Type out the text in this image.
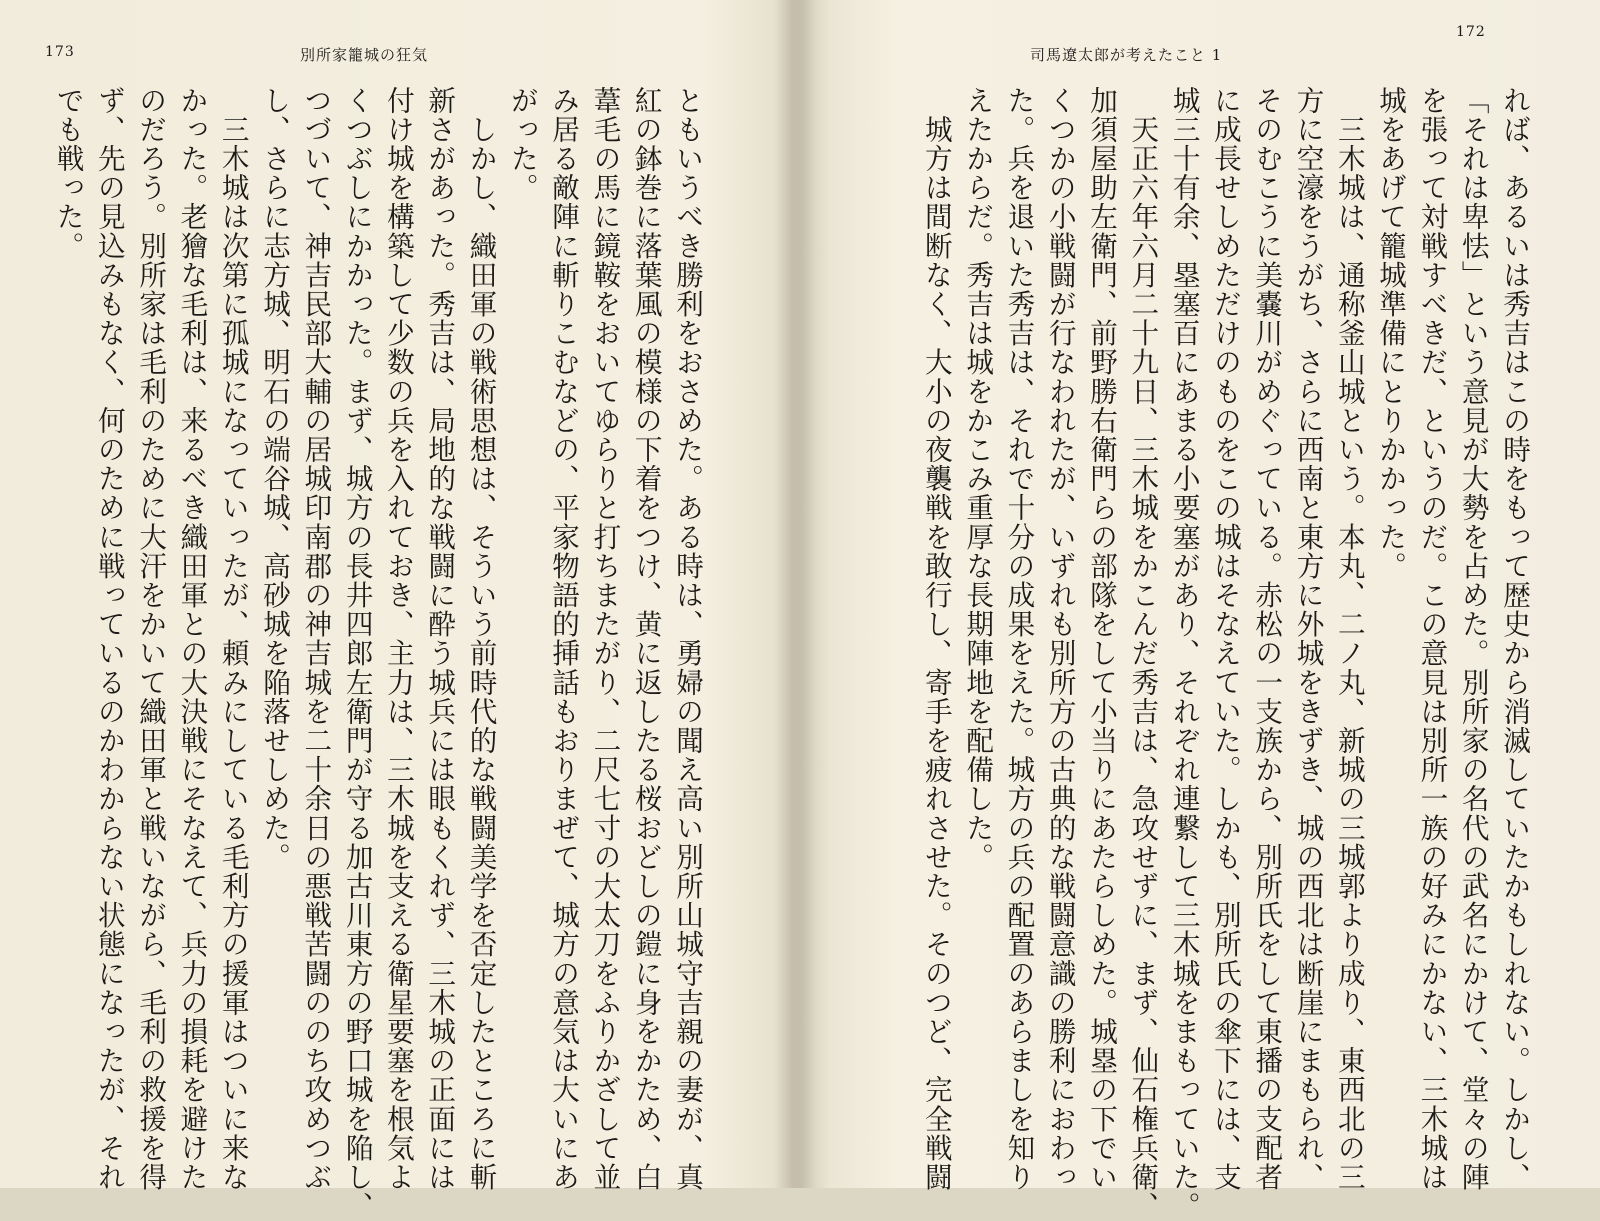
173	別所家籠城の狂気
ともいうべき勝利をおさめた。ある時は、勇婦の聞え高い別所山城守吉親の妻が、真
紅の鉢巻に落葉風の模様の下着をつけ、黄に返したる桜おどしの鎧に身をかため、白
葦毛の馬に鏡鞍をおいてゆらりと打ちまたがり、二尺七寸の大太刀をふりかざして並
み居る敵陣に斬りこむなどの、平家物語的挿話もおりまぜて、城方の意気は大いにあ
がった。
　しかし、織田軍の戦術思想は、そういう前時代的な戦闘美学を否定したところに斬
新さがあった。秀吉は、局地的な戦闘に酔う城兵には眼もくれず、三木城の正面には
付け城を構築して少数の兵を入れておき、主力は、三木城を支える衛星要塞を根気よ
くつぶしにかかった。まず、城方の長井四郎左衛門が守る加古川東方の野口城を陥し、
つづいて、神吉民部大輔の居城印南郡の神吉城を二十余日の悪戦苦闘ののち攻めつぶ
し、さらに志方城、明石の端谷城、高砂城を陥落せしめた。
　三木城は次第に孤城になっていったが、頼みにしている毛利方の援軍はついに来な
かった。老獪な毛利は、来るべき織田軍との大決戦にそなえて、兵力の損耗を避けた
のだろう。別所家は毛利のために大汗をかいて織田軍と戦いながら、毛利の救援を得
ず、先の見込みもなく、何のために戦っているのかわからない状態になったが、それ
でも戦った。
司馬遼太郎が考えたこと 1
172
れば、あるいは秀吉はこの時をもって歴史から消滅していたかもしれない。しかし、
「それは卑怯」という意見が大勢を占めた。別所家の名代の武名にかけて、堂々の陣
を張って対戦すべきだ、というのだ。この意見は別所一族の好みにかない、三木城は
城をあげて籠城準備にとりかかった。
　三木城は、通称釜山城という。本丸、二ノ丸、新城の三城郭より成り、東西北の三
方に空濠をうがち、さらに西南と東方に外城をきずき、城の西北は断崖にまもられ、
そのむこうに美嚢川がめぐっている。赤松の一支族から、別所氏をして東播の支配者
に成長せしめただけのものをこの城はそなえていた。しかも、別所氏の傘下には、支
城三十有余、塁塞百にあまる小要塞があり、それぞれ連繋して三木城をまもっていた。
　天正六年六月二十九日、三木城をかこんだ秀吉は、急攻せずに、まず、仙石権兵衛、
加須屋助左衛門、前野勝右衛門らの部隊をして小当りにあたらしめた。城塁の下でい
くつかの小戦闘が行なわれたが、いずれも別所方の古典的な戦闘意識の勝利におわっ
た。兵を退いた秀吉は、それで十分の成果をえた。城方の兵の配置のあらましを知り
えたからだ。秀吉は城をかこみ重厚な長期陣地を配備した。
　城方は間断なく、大小の夜襲戦を敢行し、寄手を疲れさせた。そのつど、完全戦闘
